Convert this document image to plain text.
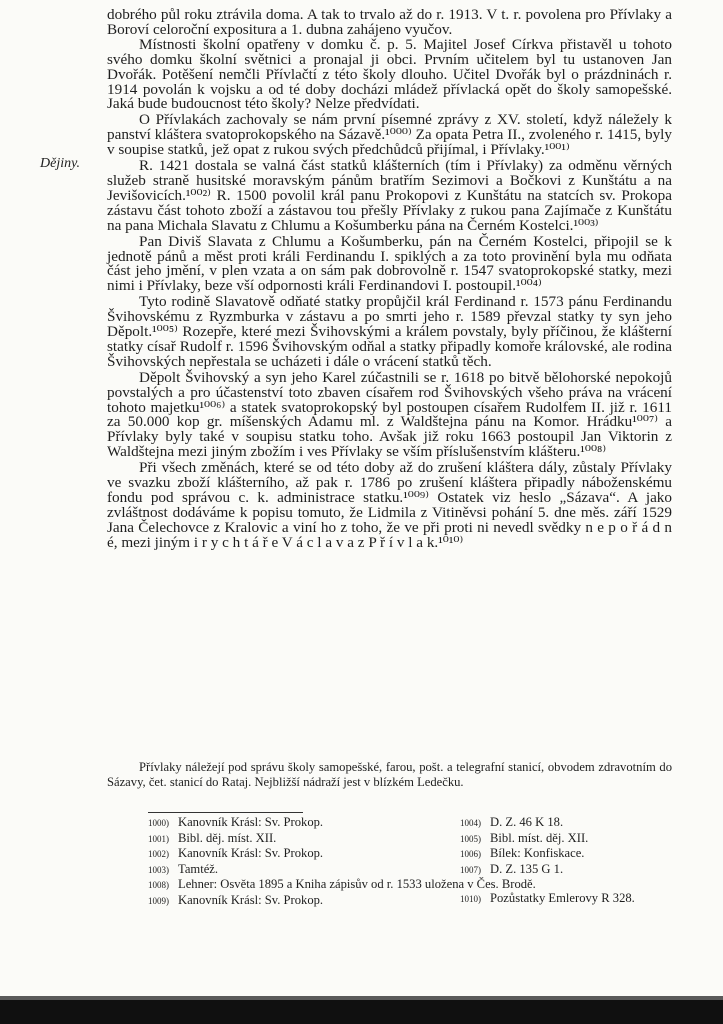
Dějiny.

dobrého půl roku ztrávila doma. A tak to trvalo až do r. 1913. V t. r. povolena pro Přívlaky a Boroví celoroční expositura a 1. dubna zahájeno vyučov.

Místnosti školní opatřeny v domku č. p. 5. Majitel Josef Církva přistavěl u tohoto svého domku školní světnici a pronajal ji obci. Prvním učitelem byl tu ustanoven Jan Dvořák. Potěšení nemčli Přívlačtí z této školy dlouho. Učitel Dvořák byl o prázdninách r. 1914 povolán k vojsku a od té doby docházi mládež přívlacká opět do školy samopešské. Jaká bude budoucnost této školy? Nelze předvídati.

O Přívlakách zachovaly se nám první písemné zprávy z XV. století, když náležely k panství kláštera svatoprokopského na Sázavě.¹⁰⁰⁰⁾ Za opata Petra II., zvoleného r. 1415, byly v soupise statků, jež opat z rukou svých předchůdců přijímal, i Přívlaky.¹⁰⁰¹⁾

R. 1421 dostala se valná část statků klášterních (tím i Přívlaky) za odměnu věrných služeb straně husitské moravským pánům bratřím Sezimovi a Bočkovi z Kunštátu a na Jevišovicích.¹⁰⁰²⁾ R. 1500 povolil král panu Prokopovi z Kunštátu na statcích sv. Prokopa zástavu část tohoto zboží a zástavou tou přešly Přívlaky z rukou pana Zajímače z Kunštátu na pana Michala Slavatu z Chlumu a Košumberku pána na Černém Kostelci.¹⁰⁰³⁾

Pan Diviš Slavata z Chlumu a Košumberku, pán na Černém Kostelci, připojil se k jednotě pánů a měst proti králi Ferdinandu I. spiklých a za toto provinění byla mu odňata část jeho jmění, v plen vzata a on sám pak dobrovolně r. 1547 svatoprokopské statky, mezi nimi i Přívlaky, beze vší odpornosti králi Ferdinandovi I. postoupil.¹⁰⁰⁴⁾

Tyto rodině Slavatově odňaté statky propůjčil král Ferdinand r. 1573 pánu Ferdinandu Švihovskému z Ryzmburka v zástavu a po smrti jeho r. 1589 převzal statky ty syn jeho Děpolt.¹⁰⁰⁵⁾ Rozepře, které mezi Švihovskými a králem povstaly, byly příčinou, že klášterní statky císař Rudolf r. 1596 Švihovským odňal a statky připadly komoře královské, ale rodina Švihovských nepřestala se ucházeti i dále o vrácení statků těch.

Děpolt Švihovský a syn jeho Karel zúčastnili se r. 1618 po bitvě bělohorské nepokojů povstalých a pro účastenství toto zbaven císařem rod Švihovských všeho práva na vrácení tohoto majetku¹⁰⁰⁶⁾ a statek svatoprokopský byl postoupen císařem Rudolfem II. již r. 1611 za 50.000 kop gr. míšenských Adamu ml. z Waldštejna pánu na Komor. Hrádku¹⁰⁰⁷⁾ a Přívlaky byly také v soupisu statku toho. Avšak již roku 1663 postoupil Jan Viktorin z Waldštejna mezi jiným zbožím i ves Přívlaky se vším příslušenstvím klášteru.¹⁰⁰⁸⁾

Při všech změnách, které se od této doby až do zrušení kláštera dály, zůstaly Přívlaky ve svazku zboží klášterního, až pak r. 1786 po zrušení kláštera připadly náboženskému fondu pod správou c. k. administrace statku.¹⁰⁰⁹⁾ Ostatek viz heslo „Sázava“. A jako zvláštnost dodáváme k popisu tomuto, že Lidmila z Vitiněvsi pohání 5. dne měs. září 1529 Jana Čelechovce z Kralovic a viní ho z toho, že ve při proti ni nevedl svědky n e p o ř á d n é, mezi jiným i r y c h t á ř e V á c l a v a z P ř í v l a k.¹⁰¹⁰⁾

Přívlaky náležejí pod správu školy samopešské, farou, pošt. a telegrafní stanicí, obvodem zdravotním do Sázavy, čet. stanicí do Rataj. Nejbližší nádraží jest v blízkém Ledečku.

1000) Kanovník Krásl: Sv. Prokop.
1001) Bibl. děj. míst. XII.
1002) Kanovník Krásl: Sv. Prokop.
1003) Tamtéž.
1008) Lehner: Osvěta 1895 a Kniha zápisův od r. 1533 uložena v Čes. Brodě.
1009) Kanovník Krásl: Sv. Prokop.
1004) D. Z. 46 K 18.
1005) Bibl. míst. děj. XII.
1006) Bílek: Konfiskace.
1007) D. Z. 135 G 1.
1010) Pozůstatky Emlerovy R 328.
